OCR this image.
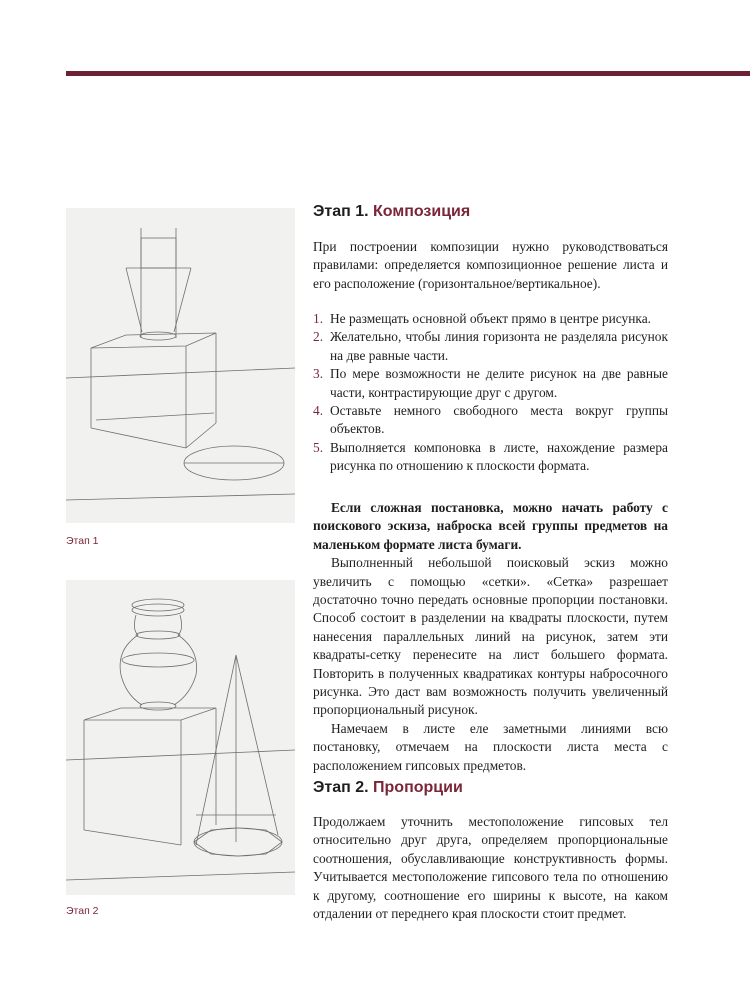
Этап 1
Этап 2
Этап 1. Композиция

При построении композиции нужно руководствоваться правилами: определяется композиционное решение листа и его расположение (горизонтальное/вертикальное).

1. Не размещать основной объект прямо в центре рисунка.
2. Желательно, чтобы линия горизонта не разделяла рисунок на две равные части.
3. По мере возможности не делите рисунок на две равные части, контрастирующие друг с другом.
4. Оставьте немного свободного места вокруг группы объектов.
5. Выполняется компоновка в листе, нахождение размера рисунка по отношению к плоскости формата.

Если сложная постановка, можно начать работу с поискового эскиза, наброска всей группы предметов на маленьком формате листа бумаги.

Выполненный небольшой поисковый эскиз можно увеличить с помощью «сетки». «Сетка» разрешает достаточно точно передать основные пропорции постановки. Способ состоит в разделении на квадраты плоскости, путем нанесения параллельных линий на рисунок, затем эти квадраты-сетку перенесите на лист большего формата. Повторить в полученных квадратиках контуры набросочного рисунка. Это даст вам возможность получить увеличенный пропорциональный рисунок.

Намечаем в листе еле заметными линиями всю постановку, отмечаем на плоскости листа места с расположением гипсовых предметов.

Этап 2. Пропорции

Продолжаем уточнить местоположение гипсовых тел относительно друг друга, определяем пропорциональные соотношения, обуславливающие конструктивность формы. Учитывается местоположение гипсового тела по отношению к другому, соотношение его ширины к высоте, на каком отдалении от переднего края плоскости стоит предмет.
